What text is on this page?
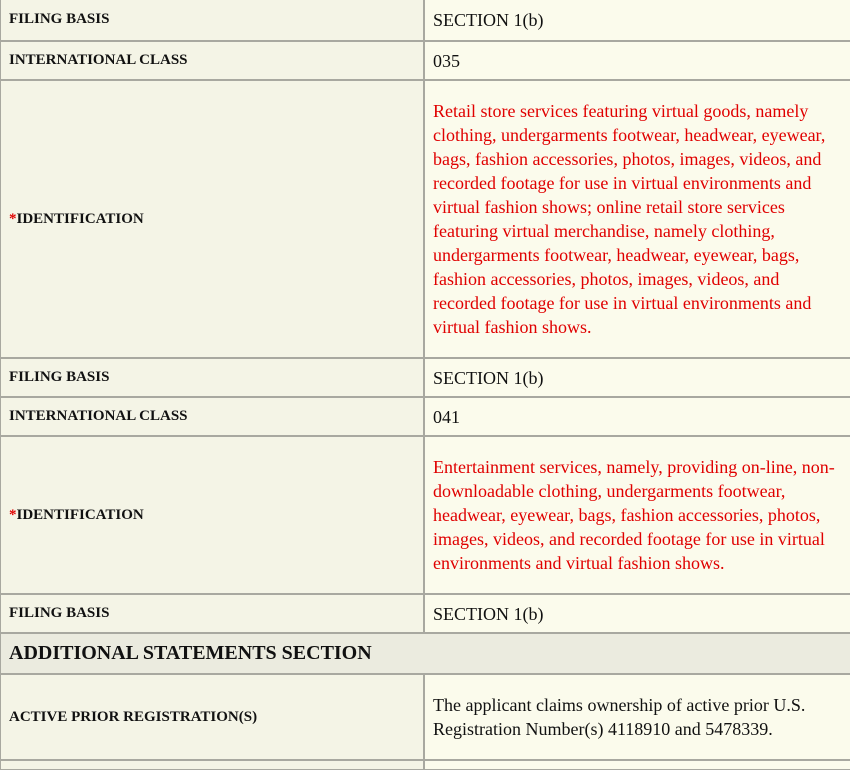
FILING BASIS	SECTION 1(b)
INTERNATIONAL CLASS	035
*IDENTIFICATION	Retail store services featuring virtual goods, namely clothing, undergarments footwear, headwear, eyewear, bags, fashion accessories, photos, images, videos, and recorded footage for use in virtual environments and virtual fashion shows; online retail store services featuring virtual merchandise, namely clothing, undergarments footwear, headwear, eyewear, bags, fashion accessories, photos, images, videos, and recorded footage for use in virtual environments and virtual fashion shows.
FILING BASIS	SECTION 1(b)
INTERNATIONAL CLASS	041
*IDENTIFICATION	Entertainment services, namely, providing on-line, non-downloadable clothing, undergarments footwear, headwear, eyewear, bags, fashion accessories, photos, images, videos, and recorded footage for use in virtual environments and virtual fashion shows.
FILING BASIS	SECTION 1(b)
ADDITIONAL STATEMENTS SECTION	
ACTIVE PRIOR REGISTRATION(S)	The applicant claims ownership of active prior U.S. Registration Number(s) 4118910 and 5478339.
